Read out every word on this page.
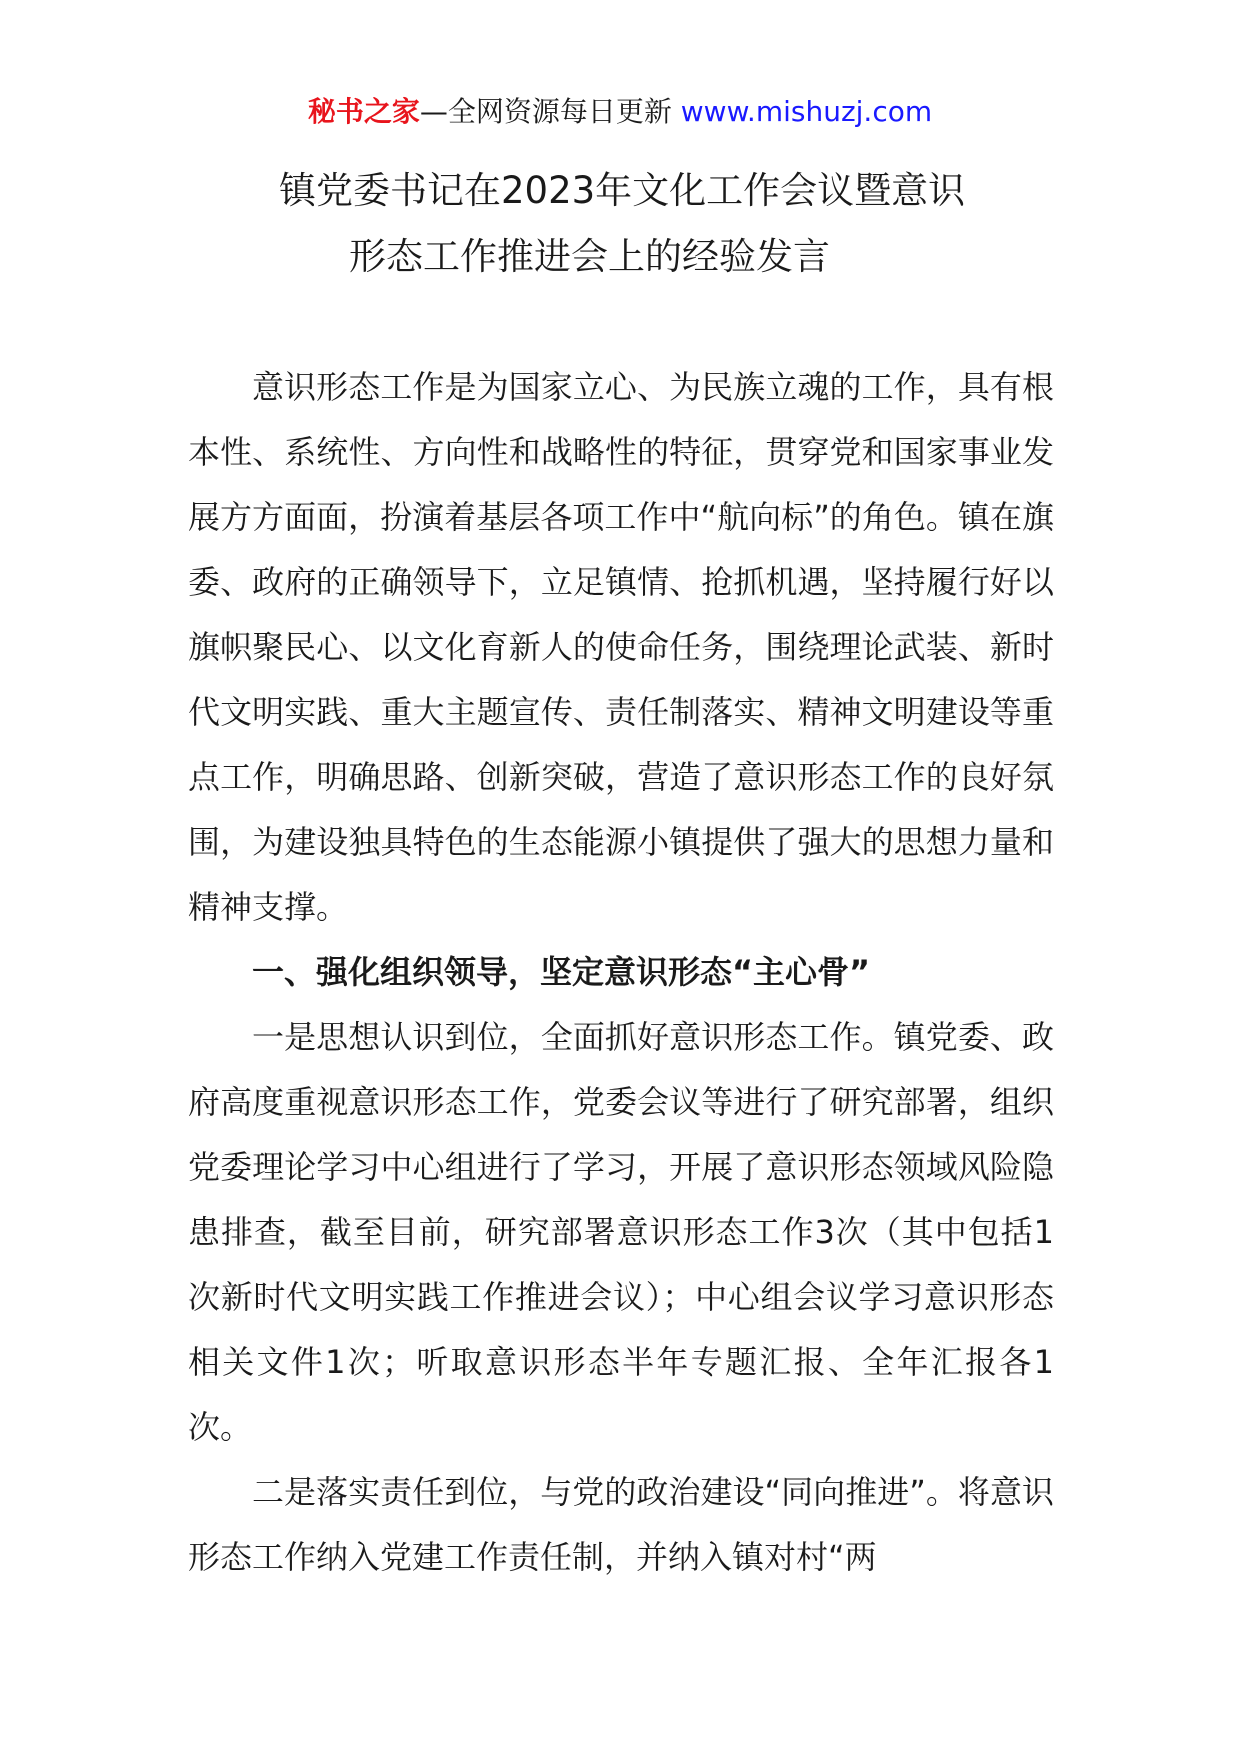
秘书之家—全网资源每日更新 www.mishuzj.com
镇党委书记在2023年文化工作会议暨意识
形态工作推进会上的经验发言

意识形态工作是为国家立心、为民族立魂的工作，具有根本性、系统性、方向性和战略性的特征，贯穿党和国家事业发展方方面面，扮演着基层各项工作中“航向标”的角色。镇在旗委、政府的正确领导下，立足镇情、抢抓机遇，坚持履行好以旗帜聚民心、以文化育新人的使命任务，围绕理论武装、新时代文明实践、重大主题宣传、责任制落实、精神文明建设等重点工作，明确思路、创新突破，营造了意识形态工作的良好氛围，为建设独具特色的生态能源小镇提供了强大的思想力量和精神支撑。

一、强化组织领导，坚定意识形态“主心骨”

一是思想认识到位，全面抓好意识形态工作。镇党委、政府高度重视意识形态工作，党委会议等进行了研究部署，组织党委理论学习中心组进行了学习，开展了意识形态领域风险隐患排查，截至目前，研究部署意识形态工作3次（其中包括1次新时代文明实践工作推进会议）；中心组会议学习意识形态相关文件1次；听取意识形态半年专题汇报、全年汇报各1次。

二是落实责任到位，与党的政治建设“同向推进”。将意识形态工作纳入党建工作责任制，并纳入镇对村“两
